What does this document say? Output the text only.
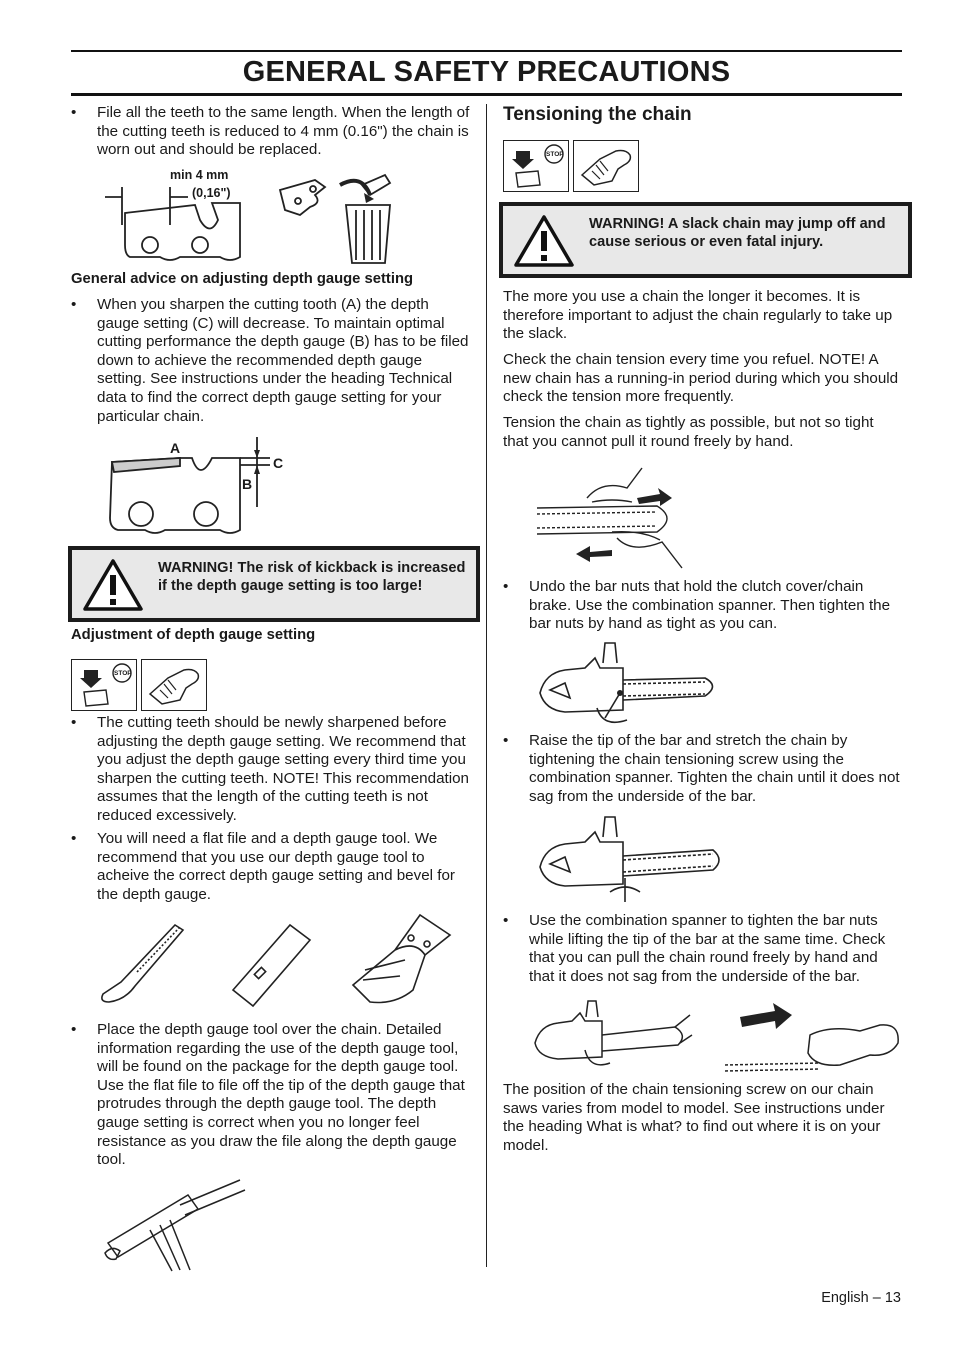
GENERAL SAFETY PRECAUTIONS
• File all the teeth to the same length. When the length of the cutting teeth is reduced to 4 mm (0.16") the chain is worn out and should be replaced.
min 4 mm
(0,16")
General advice on adjusting depth gauge setting
• When you sharpen the cutting tooth (A) the depth gauge setting (C) will decrease. To maintain optimal cutting performance the depth gauge (B) has to be filed down to achieve the recommended depth gauge setting. See instructions under the heading Technical data to find the correct depth gauge setting for your particular chain.
A
C
B
WARNING! The risk of kickback is increased if the depth gauge setting is too large!
Adjustment of depth gauge setting
STOP
• The cutting teeth should be newly sharpened before adjusting the depth gauge setting. We recommend that you adjust the depth gauge setting every third time you sharpen the cutting teeth. NOTE! This recommendation assumes that the length of the cutting teeth is not reduced excessively.
• You will need a flat file and a depth gauge tool. We recommend that you use our depth gauge tool to acheive the correct depth gauge setting and bevel for the depth gauge.
• Place the depth gauge tool over the chain. Detailed information regarding the use of the depth gauge tool, will be found on the package for the depth gauge tool. Use the flat file to file off the tip of the depth gauge that protrudes through the depth gauge tool. The depth gauge setting is correct when you no longer feel resistance as you draw the file along the depth gauge tool.
Tensioning the chain
STOP
WARNING! A slack chain may jump off and cause serious or even fatal injury.
The more you use a chain the longer it becomes. It is therefore important to adjust the chain regularly to take up the slack.
Check the chain tension every time you refuel. NOTE! A new chain has a running-in period during which you should check the tension more frequently.
Tension the chain as tightly as possible, but not so tight that you cannot pull it round freely by hand.
• Undo the bar nuts that hold the clutch cover/chain brake. Use the combination spanner. Then tighten the bar nuts by hand as tight as you can.
• Raise the tip of the bar and stretch the chain by tightening the chain tensioning screw using the combination spanner. Tighten the chain until it does not sag from the underside of the bar.
• Use the combination spanner to tighten the bar nuts while lifting the tip of the bar at the same time. Check that you can pull the chain round freely by hand and that it does not sag from the underside of the bar.
The position of the chain tensioning screw on our chain saws varies from model to model. See instructions under the heading What is what? to find out where it is on your model.
English – 13
